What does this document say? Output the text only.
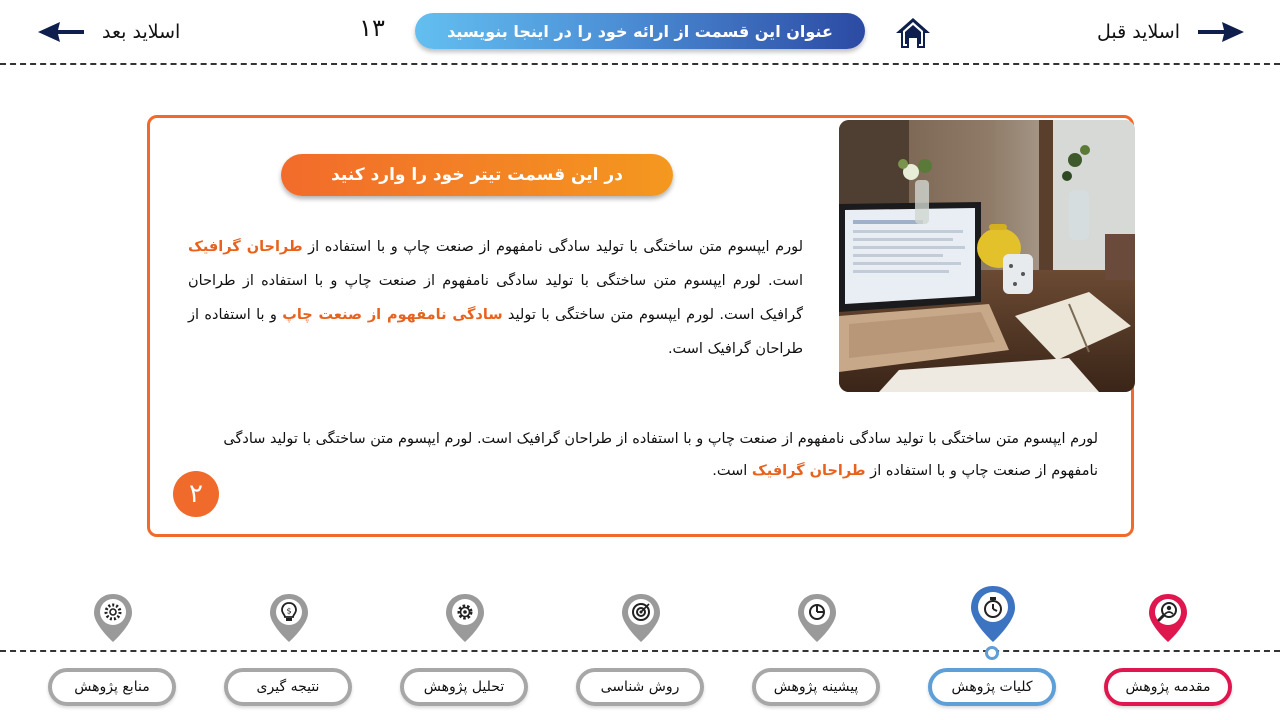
اسلاید قبل
عنوان این قسمت از ارائه خود را در اینجا بنویسید
۱۳
اسلاید بعد
در این قسمت تیتر خود را وارد کنید

لورم ایپسوم متن ساختگی با تولید سادگی نامفهوم از صنعت چاپ و با استفاده از طراحان گرافیک است. لورم ایپسوم متن ساختگی با تولید سادگی نامفهوم از صنعت چاپ و با استفاده از طراحان گرافیک است. لورم ایپسوم متن ساختگی با تولید سادگی نامفهوم از صنعت چاپ و با استفاده از طراحان گرافیک است.

لورم ایپسوم متن ساختگی با تولید سادگی نامفهوم از صنعت چاپ و با استفاده از طراحان گرافیک است. لورم ایپسوم متن ساختگی با تولید سادگی نامفهوم از صنعت چاپ و با استفاده از طراحان گرافیک است.

۲
$
مقدمه پژوهش
کلیات پژوهش
پیشینه پژوهش
روش شناسی
تحلیل پژوهش
نتیجه گیری
منابع پژوهش
